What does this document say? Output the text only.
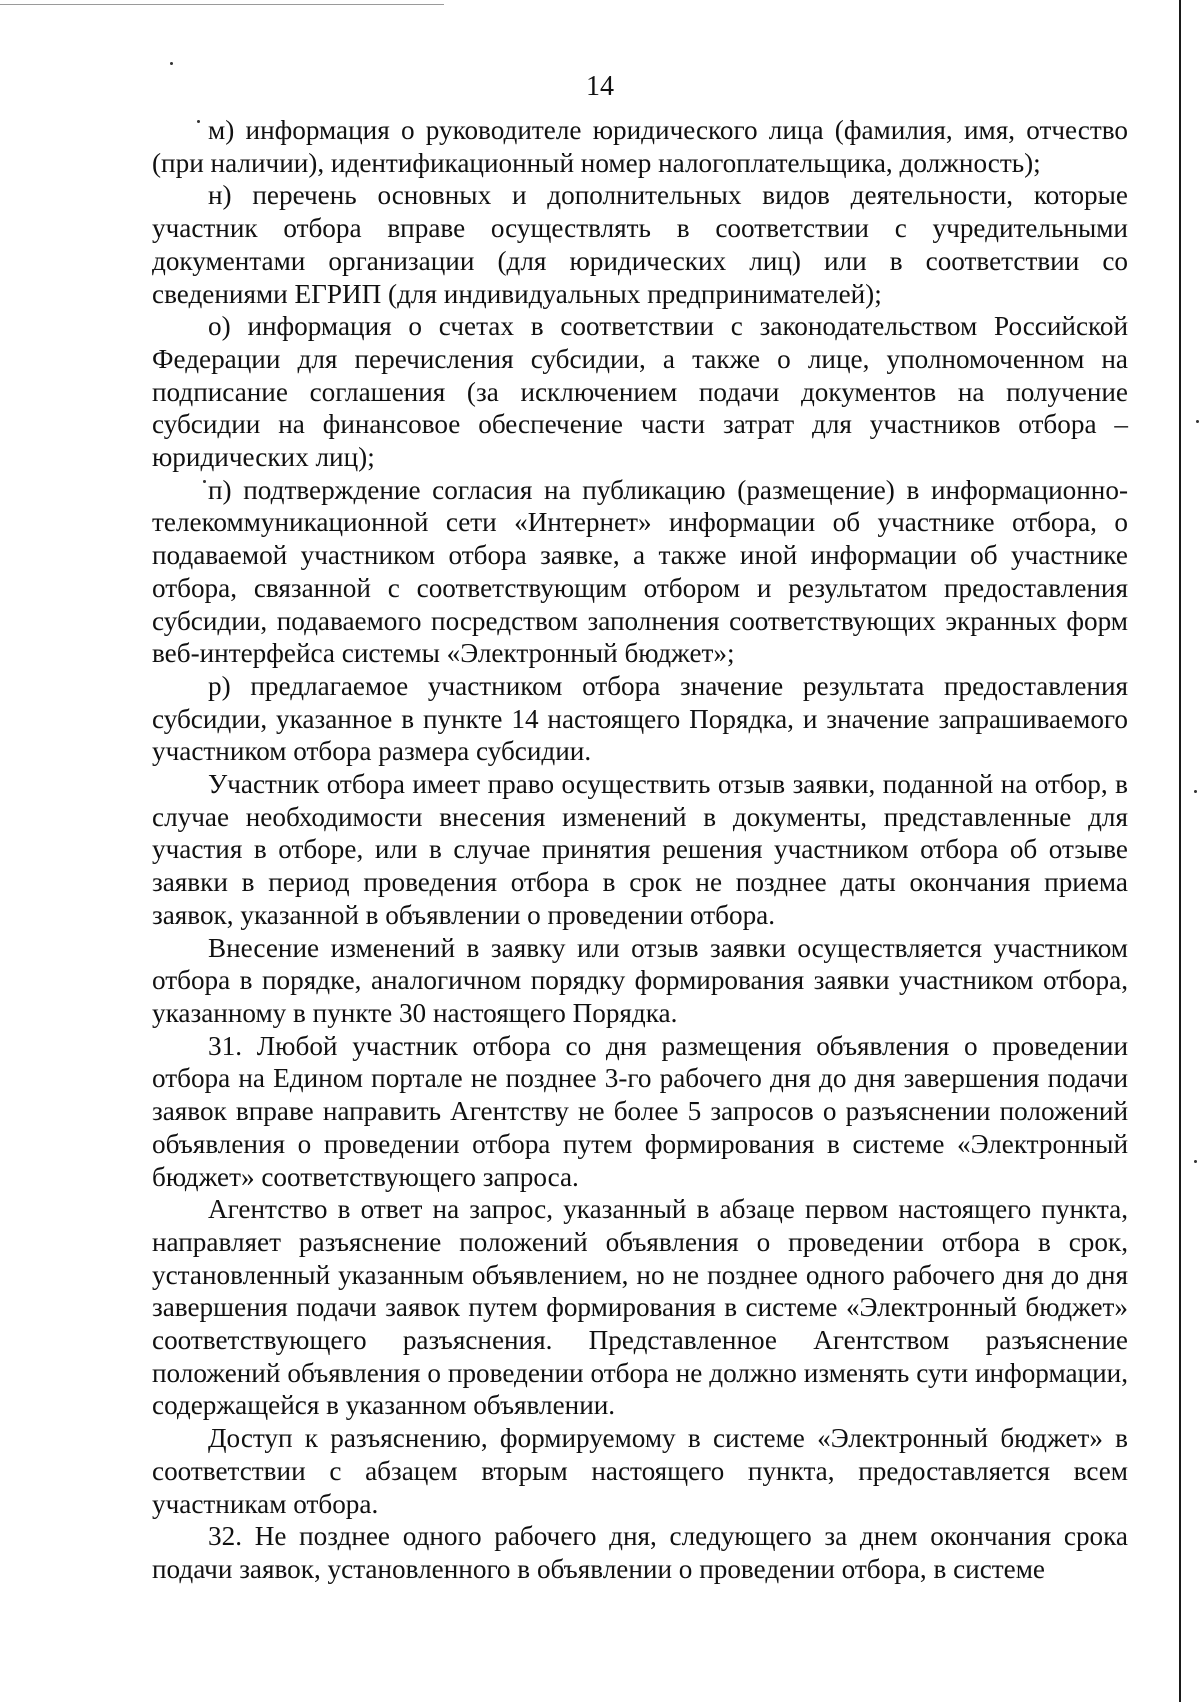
14

м) информация о руководителе юридического лица (фамилия, имя, отчество (при наличии), идентификационный номер налогоплательщика, должность);

н) перечень основных и дополнительных видов деятельности, которые участник отбора вправе осуществлять в соответствии с учредительными документами организации (для юридических лиц) или в соответствии со сведениями ЕГРИП (для индивидуальных предпринимателей);

о) информация о счетах в соответствии с законодательством Российской Федерации для перечисления субсидии, а также о лице, уполномоченном на подписание соглашения (за исключением подачи документов на получение субсидии на финансовое обеспечение части затрат для участников отбора – юридических лиц);

п) подтверждение согласия на публикацию (размещение) в информационно-телекоммуникационной сети «Интернет» информации об участнике отбора, о подаваемой участником отбора заявке, а также иной информации об участнике отбора, связанной с соответствующим отбором и результатом предоставления субсидии, подаваемого посредством заполнения соответствующих экранных форм веб-интерфейса системы «Электронный бюджет»;

р) предлагаемое участником отбора значение результата предоставления субсидии, указанное в пункте 14 настоящего Порядка, и значение запрашиваемого участником отбора размера субсидии.

Участник отбора имеет право осуществить отзыв заявки, поданной на отбор, в случае необходимости внесения изменений в документы, представленные для участия в отборе, или в случае принятия решения участником отбора об отзыве заявки в период проведения отбора в срок не позднее даты окончания приема заявок, указанной в объявлении о проведении отбора.

Внесение изменений в заявку или отзыв заявки осуществляется участником отбора в порядке, аналогичном порядку формирования заявки участником отбора, указанному в пункте 30 настоящего Порядка.

31. Любой участник отбора со дня размещения объявления о проведении отбора на Едином портале не позднее 3-го рабочего дня до дня завершения подачи заявок вправе направить Агентству не более 5 запросов о разъяснении положений объявления о проведении отбора путем формирования в системе «Электронный бюджет» соответствующего запроса.

Агентство в ответ на запрос, указанный в абзаце первом настоящего пункта, направляет разъяснение положений объявления о проведении отбора в срок, установленный указанным объявлением, но не позднее одного рабочего дня до дня завершения подачи заявок путем формирования в системе «Электронный бюджет» соответствующего разъяснения. Представленное Агентством разъяснение положений объявления о проведении отбора не должно изменять сути информации, содержащейся в указанном объявлении.

Доступ к разъяснению, формируемому в системе «Электронный бюджет» в соответствии с абзацем вторым настоящего пункта, предоставляется всем участникам отбора.

32. Не позднее одного рабочего дня, следующего за днем окончания срока подачи заявок, установленного в объявлении о проведении отбора, в системе
